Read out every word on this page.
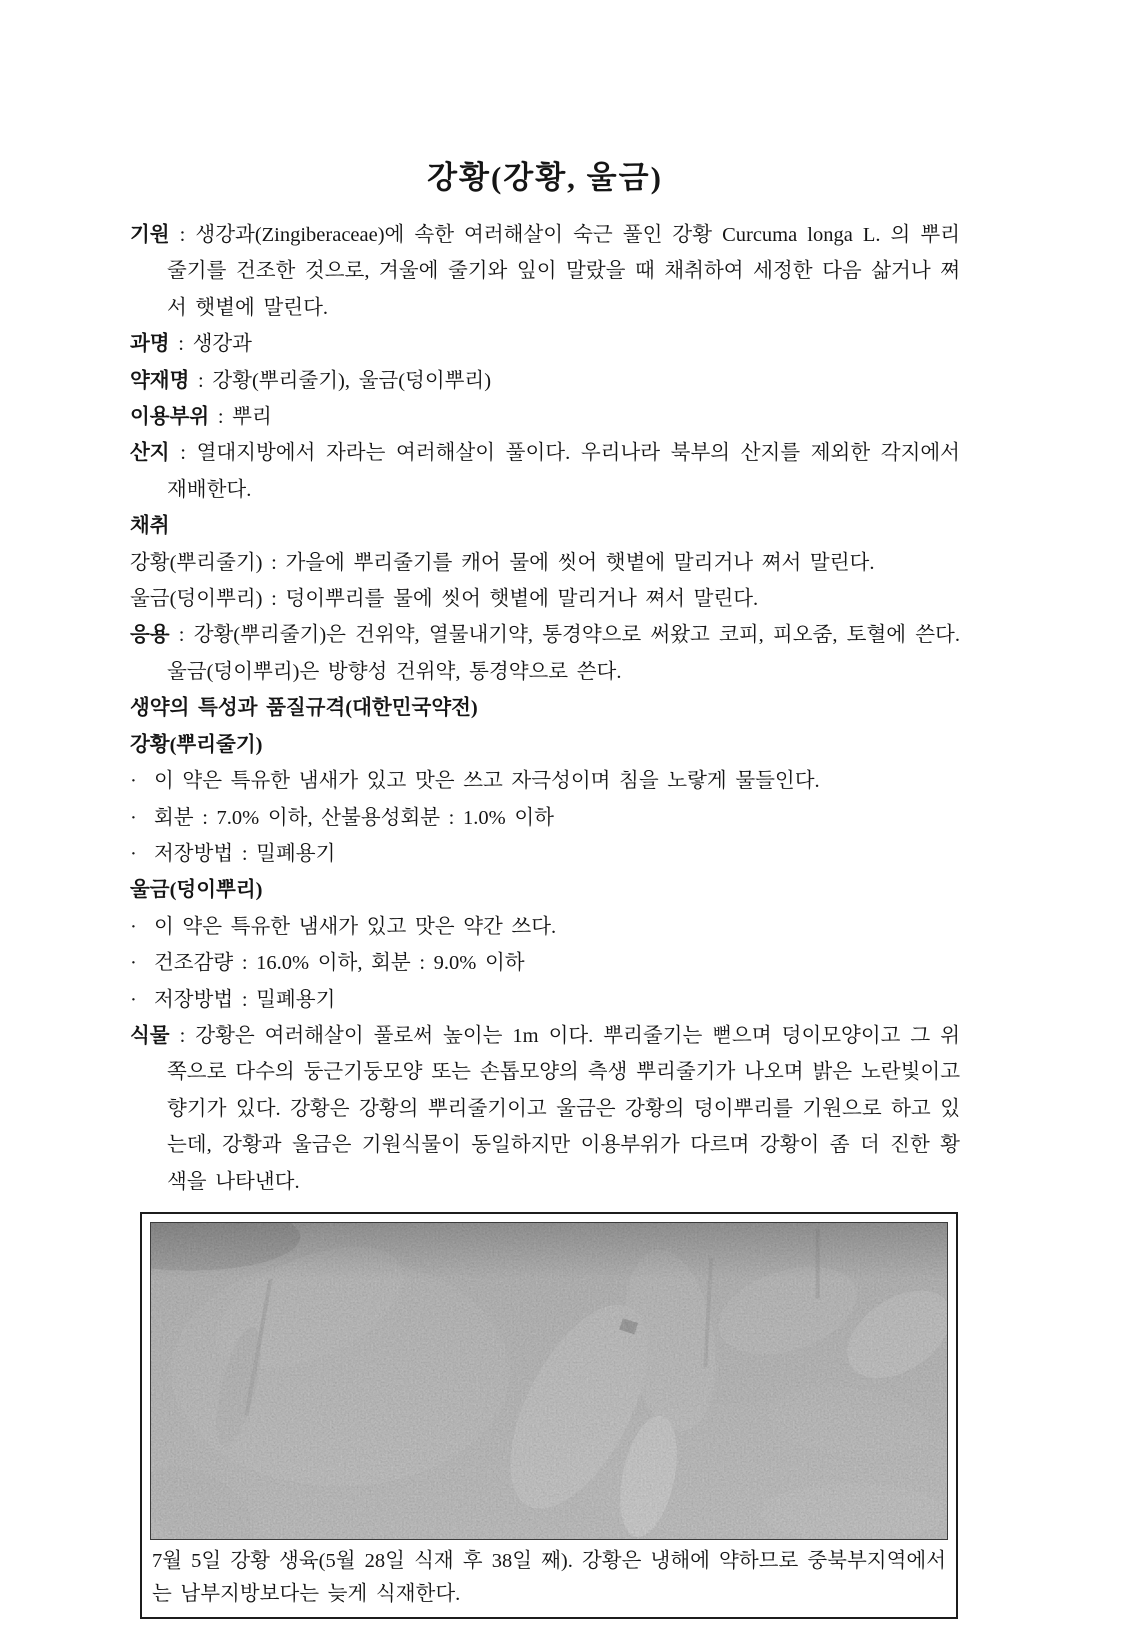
강황(강황, 울금)

기원 : 생강과(Zingiberaceae)에 속한 여러해살이 숙근 풀인 강황 Curcuma longa L. 의 뿌리줄기를 건조한 것으로, 겨울에 줄기와 잎이 말랐을 때 채취하여 세정한 다음 삶거나 쪄서 햇볕에 말린다.

과명 : 생강과

약재명 : 강황(뿌리줄기), 울금(덩이뿌리)

이용부위 : 뿌리

산지 : 열대지방에서 자라는 여러해살이 풀이다. 우리나라 북부의 산지를 제외한 각지에서 재배한다.

채취

강황(뿌리줄기) : 가을에 뿌리줄기를 캐어 물에 씻어 햇볕에 말리거나 쪄서 말린다.

울금(덩이뿌리) : 덩이뿌리를 물에 씻어 햇볕에 말리거나 쪄서 말린다.

응용 : 강황(뿌리줄기)은 건위약, 열물내기약, 통경약으로 써왔고 코피, 피오줌, 토혈에 쓴다. 울금(덩이뿌리)은 방향성 건위약, 통경약으로 쓴다.

생약의 특성과 품질규격(대한민국약전)

강황(뿌리줄기)

· 이 약은 특유한 냄새가 있고 맛은 쓰고 자극성이며 침을 노랗게 물들인다.

· 회분 : 7.0% 이하, 산불용성회분 : 1.0% 이하

· 저장방법 : 밀폐용기

울금(덩이뿌리)

· 이 약은 특유한 냄새가 있고 맛은 약간 쓰다.

· 건조감량 : 16.0% 이하, 회분 : 9.0% 이하

· 저장방법 : 밀폐용기

식물 : 강황은 여러해살이 풀로써 높이는 1m 이다. 뿌리줄기는 뻗으며 덩이모양이고 그 위쪽으로 다수의 둥근기둥모양 또는 손톱모양의 측생 뿌리줄기가 나오며 밝은 노란빛이고 향기가 있다. 강황은 강황의 뿌리줄기이고 울금은 강황의 덩이뿌리를 기원으로 하고 있는데, 강황과 울금은 기원식물이 동일하지만 이용부위가 다르며 강황이 좀 더 진한 황색을 나타낸다.

7월 5일 강황 생육(5월 28일 식재 후 38일 째). 강황은 냉해에 약하므로 중북부지역에서는 남부지방보다는 늦게 식재한다.
